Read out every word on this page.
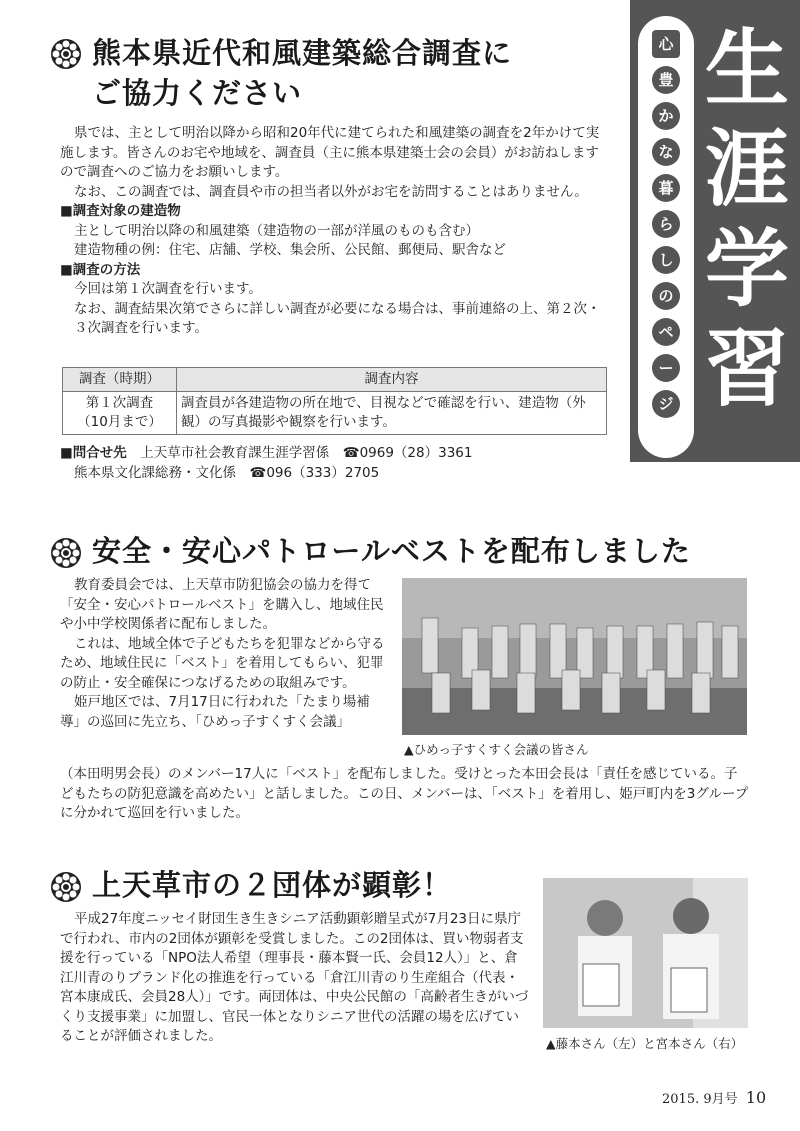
心
豊
か
な
暮
ら
し
の
ペ
ー
ジ
生
涯
学
習
熊本県近代和風建築総合調査に
ご協力ください

県では、主として明治以降から昭和20年代に建てられた和風建築の調査を2年かけて実施します。皆さんのお宅や地域を、調査員（主に熊本県建築士会の会員）がお訪ねしますので調査へのご協力をお願いします。

なお、この調査では、調査員や市の担当者以外がお宅を訪問することはありません。

■調査対象の建造物

主として明治以降の和風建築（建造物の一部が洋風のものも含む）

建造物種の例：住宅、店舗、学校、集会所、公民館、郵便局、駅舎など

■調査の方法

今回は第１次調査を行います。

なお、調査結果次第でさらに詳しい調査が必要になる場合は、事前連絡の上、第２次・３次調査を行います。

調査（時期）	調査内容

第１次調査
（10月まで）	調査員が各建造物の所在地で、目視などで確認を行い、建造物（外観）の写真撮影や観察を行います。

■問合せ先　 上天草市社会教育課生涯学習係　☎0969（28）3361

熊本県文化課総務・文化係　☎096（333）2705

安全・安心パトロールベストを配布しました

教育委員会では、上天草市防犯協会の協力を得て「安全・安心パトロールベスト」を購入し、地域住民や小中学校関係者に配布しました。

これは、地域全体で子どもたちを犯罪などから守るため、地域住民に「ベスト」を着用してもらい、犯罪の防止・安全確保につなげるための取組みです。

姫戸地区では、7月17日に行われた「たまり場補導」の巡回に先立ち、「ひめっ子すくすく会議」

（本田明男会長）のメンバー17人に「ベスト」を配布しました。受けとった本田会長は「責任を感じている。子どもたちの防犯意識を高めたい」と話しました。この日、メンバーは、「ベスト」を着用し、姫戸町内を3グループに分かれて巡回を行いました。

▲ひめっ子すくすく会議の皆さん
上天草市の２団体が顕彰！

平成27年度ニッセイ財団生き生きシニア活動顕彰贈呈式が7月23日に県庁で行われ、市内の2団体が顕彰を受賞しました。この2団体は、買い物弱者支援を行っている「NPO法人希望（理事長・藤本賢一氏、会員12人）」と、倉江川青のりブランド化の推進を行っている「倉江川青のり生産組合（代表・宮本康成氏、会員28人）」です。両団体は、中央公民館の「高齢者生きがいづくり支援事業」に加盟し、官民一体となりシニア世代の活躍の場を広げていることが評価されました。	▲藤本さん（左）と宮本さん（右）
2015. 9月号 10
